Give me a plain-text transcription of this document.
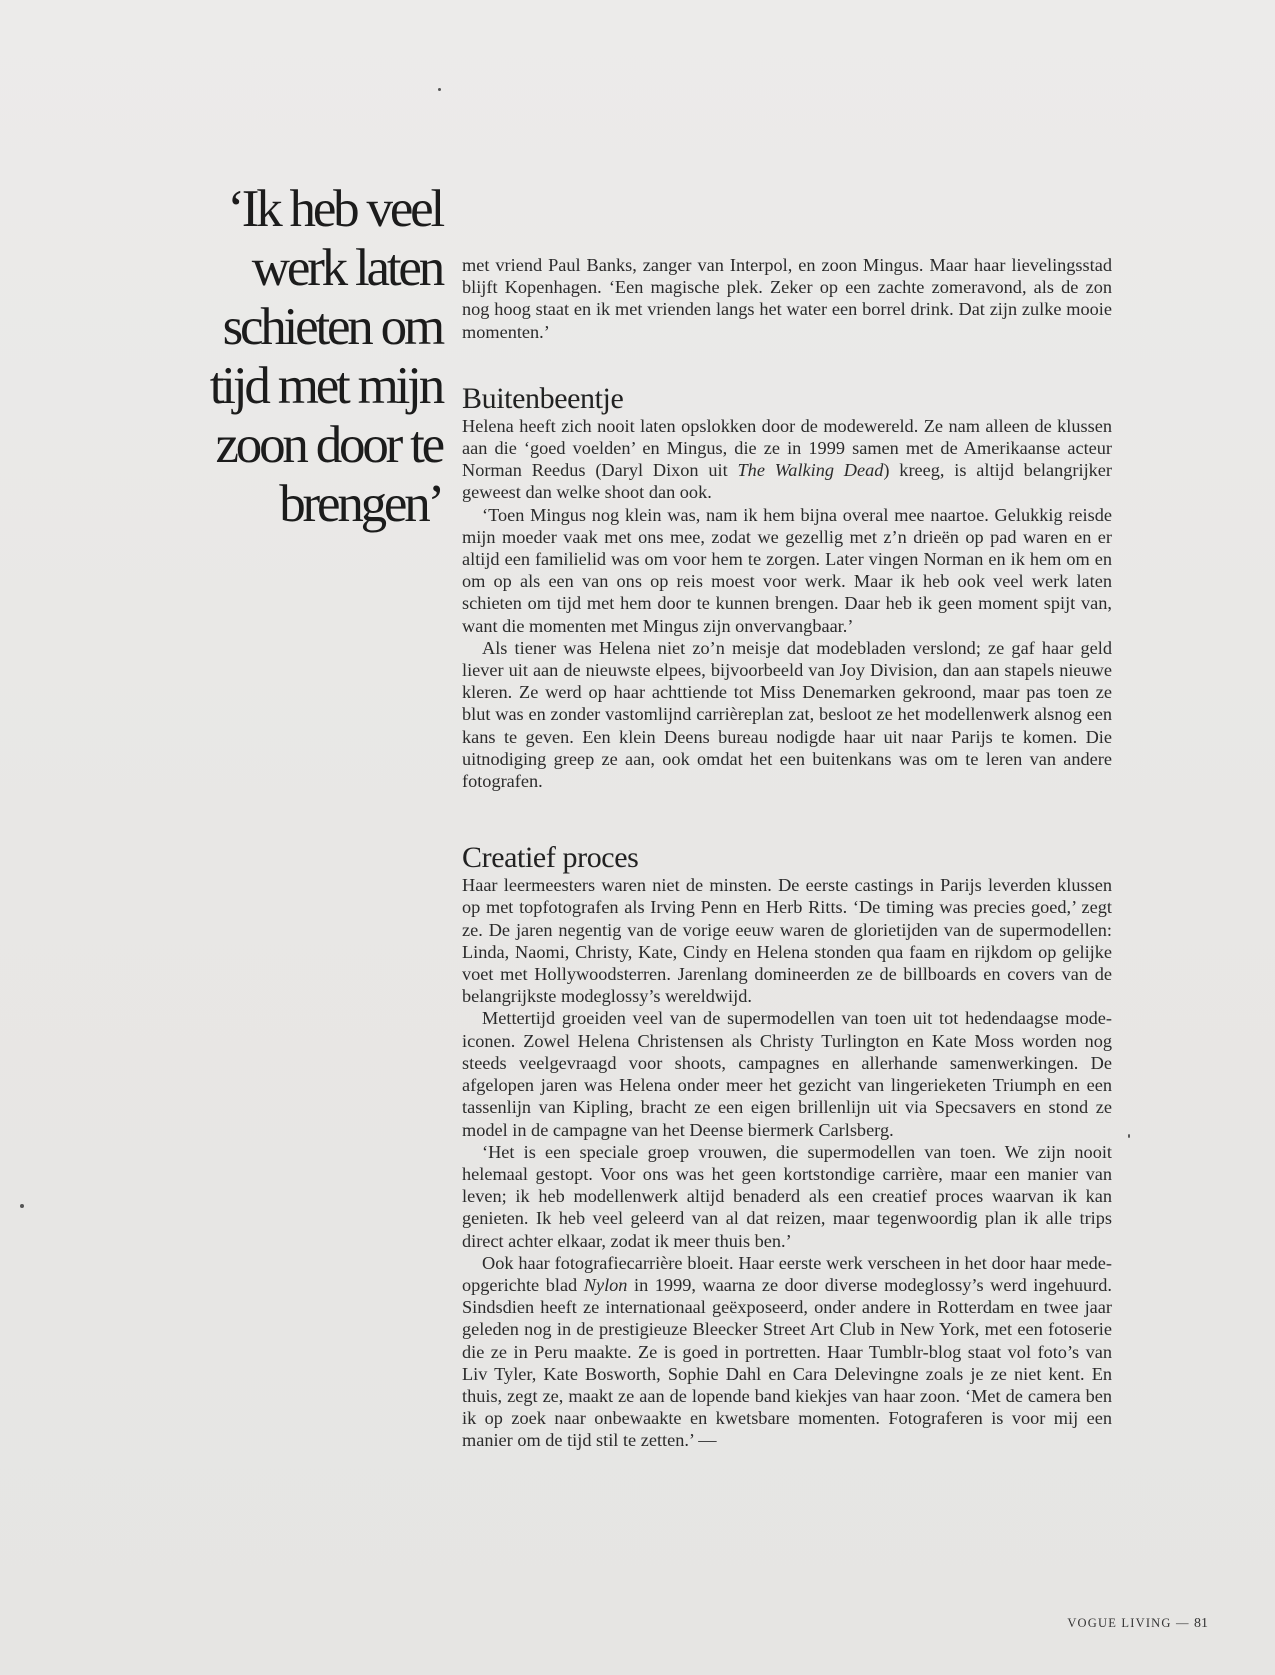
‘Ik heb veel
werk laten
schieten om
tijd met mijn
zoon door te
brengen’

met vriend Paul Banks, zanger van Interpol, en zoon Mingus. Maar haar lievelingsstad blijft Kopenhagen. ‘Een magische plek. Zeker op een zachte zomeravond, als de zon nog hoog staat en ik met vrienden langs het water een borrel drink. Dat zijn zulke mooie momenten.’

Buitenbeentje

Helena heeft zich nooit laten opslokken door de modewereld. Ze nam alleen de klussen aan die ‘goed voelden’ en Mingus, die ze in 1999 samen met de Amerikaanse acteur Norman Reedus (Daryl Dixon uit The Walking Dead) kreeg, is altijd belangrijker geweest dan welke shoot dan ook.

‘Toen Mingus nog klein was, nam ik hem bijna overal mee naartoe. Gelukkig reisde mijn moeder vaak met ons mee, zodat we gezellig met z’n drieën op pad waren en er altijd een familielid was om voor hem te zorgen. Later vingen Norman en ik hem om en om op als een van ons op reis moest voor werk. Maar ik heb ook veel werk laten schieten om tijd met hem door te kunnen brengen. Daar heb ik geen moment spijt van, want die momenten met Mingus zijn onvervangbaar.’

Als tiener was Helena niet zo’n meisje dat modebladen verslond; ze gaf haar geld liever uit aan de nieuwste elpees, bijvoorbeeld van Joy Division, dan aan stapels nieuwe kleren. Ze werd op haar achttiende tot Miss Denemarken gekroond, maar pas toen ze blut was en zonder vastomlijnd carrièreplan zat, besloot ze het modellenwerk alsnog een kans te geven. Een klein Deens bureau nodigde haar uit naar Parijs te komen. Die uitnodiging greep ze aan, ook omdat het een buitenkans was om te leren van andere fotografen.

Creatief proces

Haar leermeesters waren niet de minsten. De eerste castings in Parijs leverden klussen op met topfotografen als Irving Penn en Herb Ritts. ‘De timing was precies goed,’ zegt ze. De jaren negentig van de vorige eeuw waren de glorietijden van de supermodellen: Linda, Naomi, Christy, Kate, Cindy en Helena stonden qua faam en rijkdom op gelijke voet met Hollywoodsterren. Jarenlang domineerden ze de billboards en covers van de belangrijkste modeglossy’s wereldwijd.

Mettertijd groeiden veel van de supermodellen van toen uit tot hedendaagse mode-iconen. Zowel Helena Christensen als Christy Turlington en Kate Moss worden nog steeds veelgevraagd voor shoots, campagnes en allerhande samenwerkingen. De afgelopen jaren was Helena onder meer het gezicht van lingerieketen Triumph en een tassenlijn van Kipling, bracht ze een eigen brillenlijn uit via Specsavers en stond ze model in de campagne van het Deense biermerk Carlsberg.

‘Het is een speciale groep vrouwen, die supermodellen van toen. We zijn nooit helemaal gestopt. Voor ons was het geen kortstondige carrière, maar een manier van leven; ik heb modellenwerk altijd benaderd als een creatief proces waarvan ik kan genieten. Ik heb veel geleerd van al dat reizen, maar tegenwoordig plan ik alle trips direct achter elkaar, zodat ik meer thuis ben.’

Ook haar fotografiecarrière bloeit. Haar eerste werk verscheen in het door haar mede-opgerichte blad Nylon in 1999, waarna ze door diverse modeglossy’s werd ingehuurd. Sindsdien heeft ze internationaal geëxposeerd, onder andere in Rotterdam en twee jaar geleden nog in de prestigieuze Bleecker Street Art Club in New York, met een fotoserie die ze in Peru maakte. Ze is goed in portretten. Haar Tumblr-blog staat vol foto’s van Liv Tyler, Kate Bosworth, Sophie Dahl en Cara Delevingne zoals je ze niet kent. En thuis, zegt ze, maakt ze aan de lopende band kiekjes van haar zoon. ‘Met de camera ben ik op zoek naar onbewaakte en kwetsbare momenten. Fotograferen is voor mij een manier om de tijd stil te zetten.’ —

VOGUE LIVING — 81
